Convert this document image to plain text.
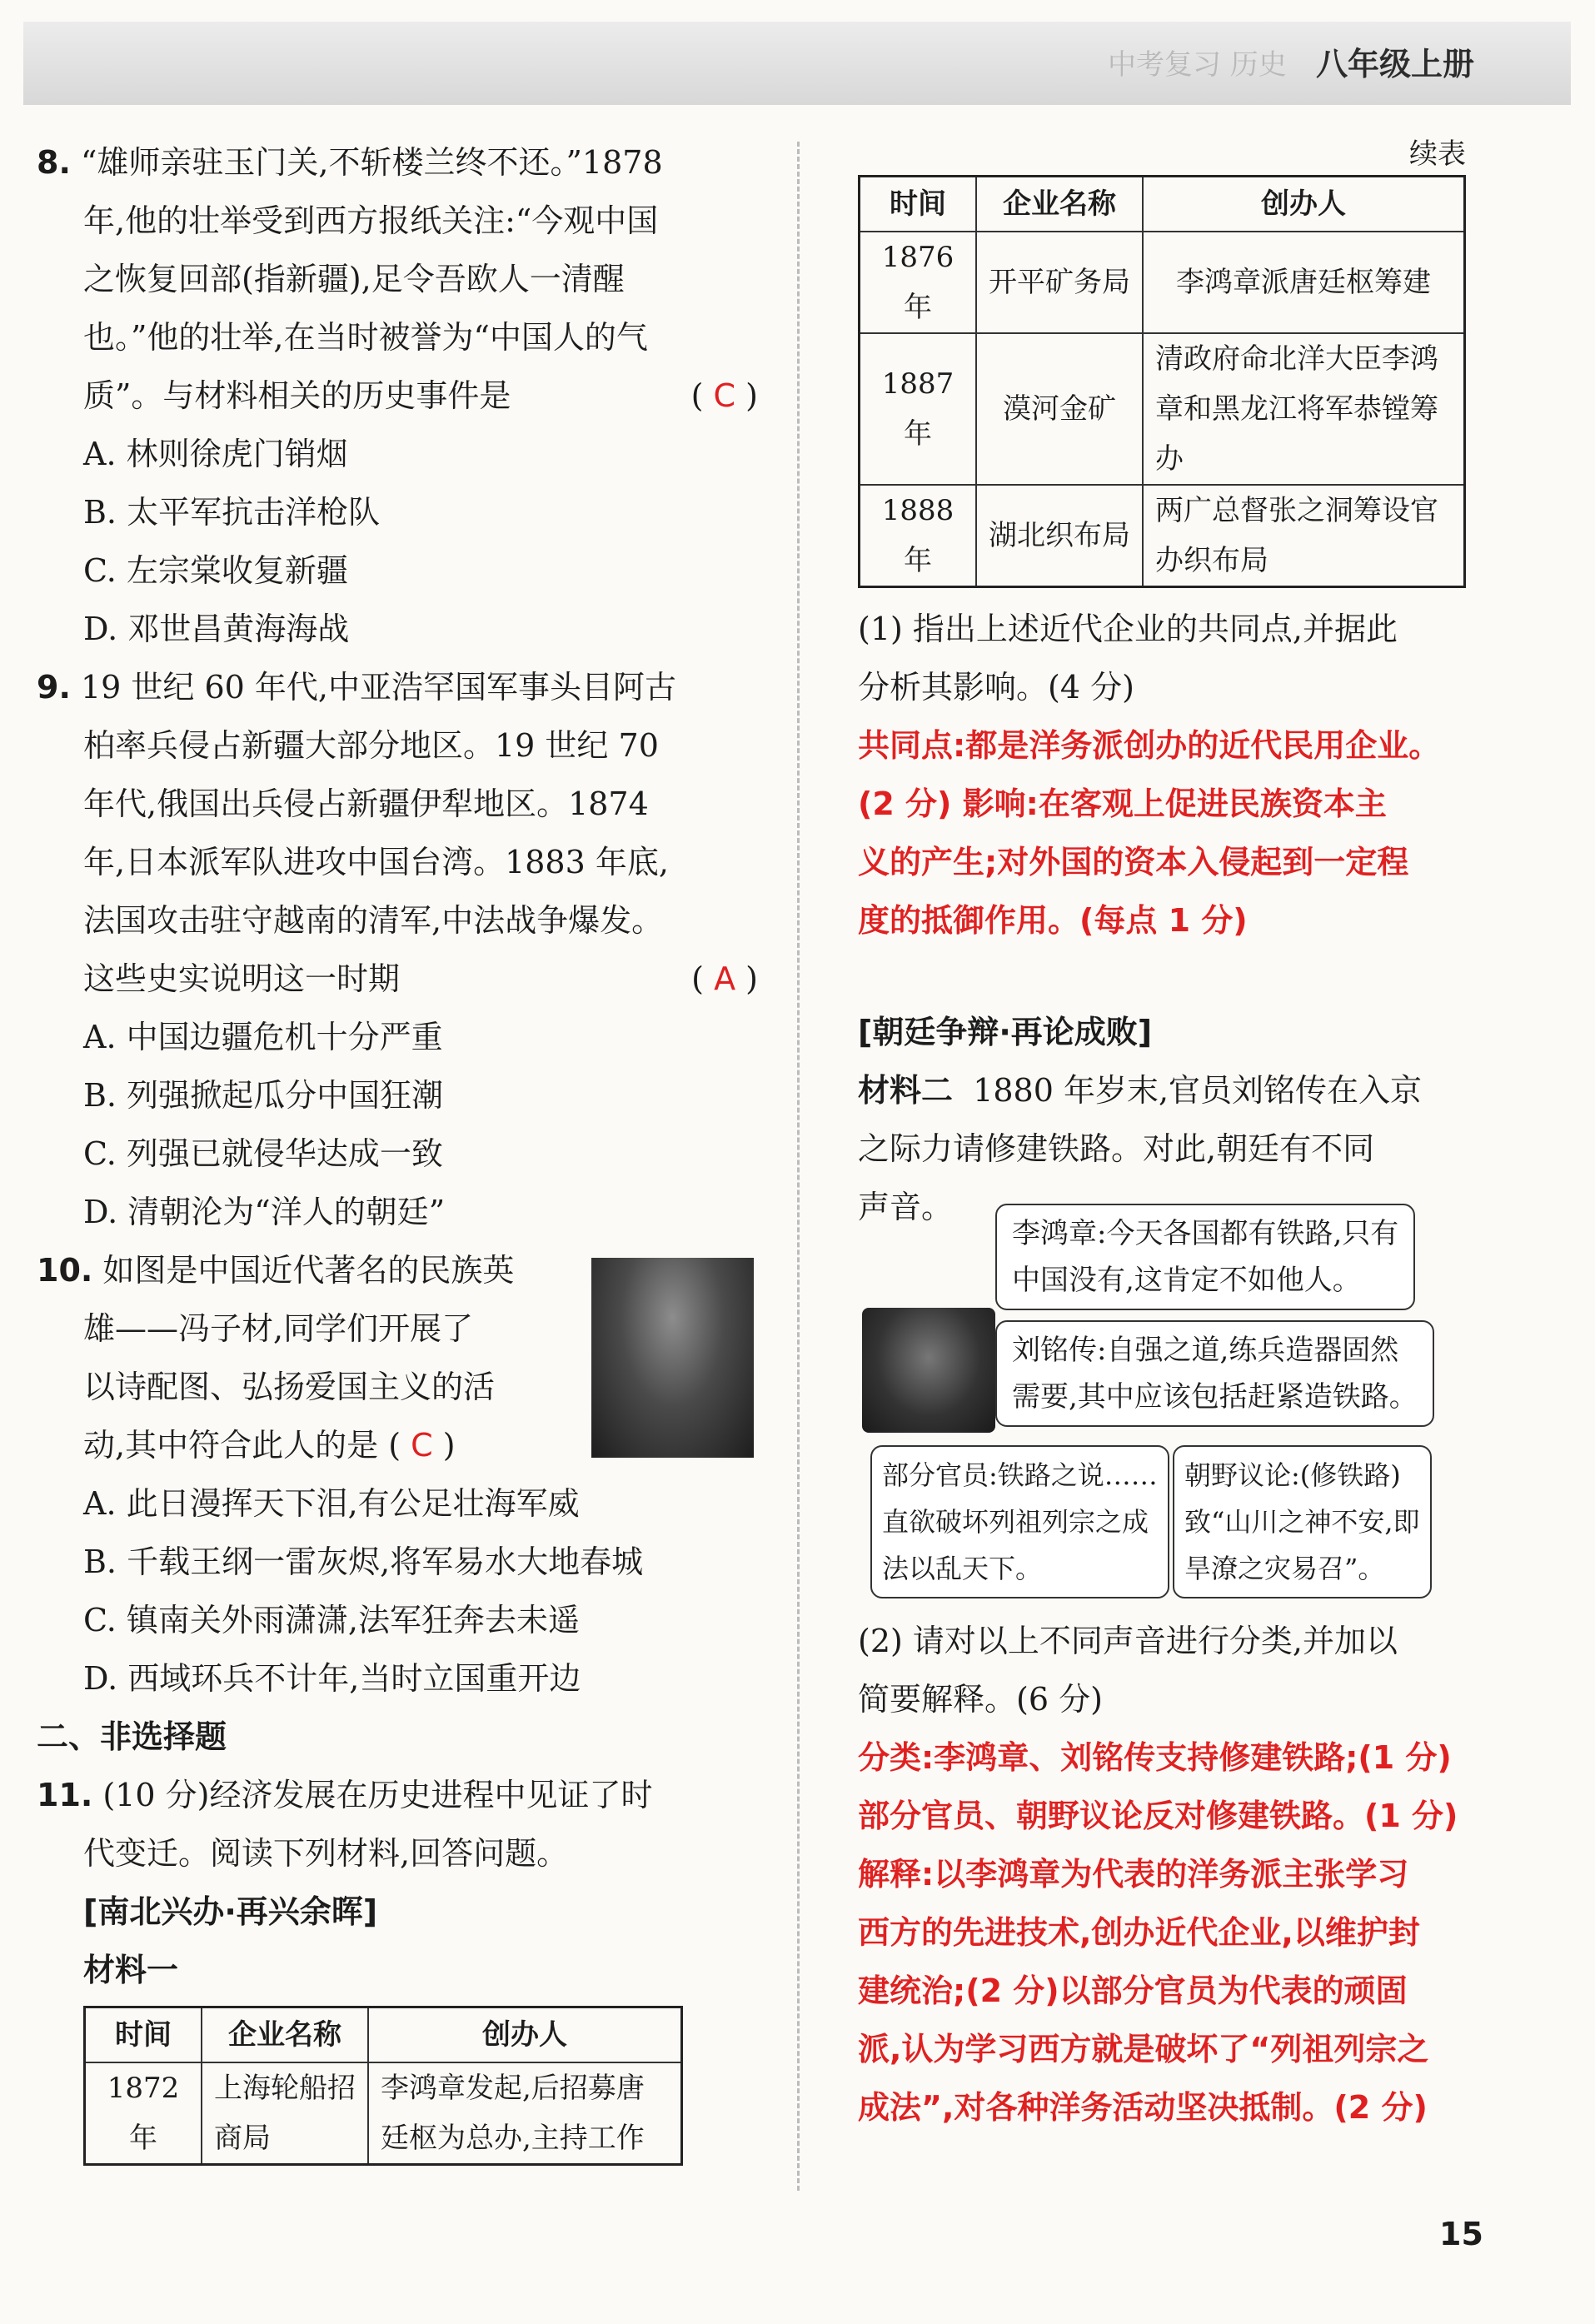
中考复习 历史 八年级上册
8. “雄师亲驻玉门关,不斩楼兰终不还。”1878
年,他的壮举受到西方报纸关注:“今观中国
之恢复回部(指新疆),足令吾欧人一清醒
也。”他的壮举,在当时被誉为“中国人的气
质”。与材料相关的历史事件是	( C )
A. 林则徐虎门销烟
B. 太平军抗击洋枪队
C. 左宗棠收复新疆
D. 邓世昌黄海海战
9. 19 世纪 60 年代,中亚浩罕国军事头目阿古
柏率兵侵占新疆大部分地区。19 世纪 70
年代,俄国出兵侵占新疆伊犁地区。1874
年,日本派军队进攻中国台湾。1883 年底,
法国攻击驻守越南的清军,中法战争爆发。
这些史实说明这一时期	( A )
A. 中国边疆危机十分严重
B. 列强掀起瓜分中国狂潮
C. 列强已就侵华达成一致
D. 清朝沦为“洋人的朝廷”
10. 如图是中国近代著名的民族英
雄——冯子材,同学们开展了
以诗配图、弘扬爱国主义的活
动,其中符合此人的是 ( C )
A. 此日漫挥天下泪,有公足壮海军威
B. 千载王纲一雷灰烬,将军易水大地春城
C. 镇南关外雨潇潇,法军狂奔去未遥
D. 西域环兵不计年,当时立国重开边
二、非选择题
11. (10 分)经济发展在历史进程中见证了时
代变迁。阅读下列材料,回答问题。
[南北兴办·再兴余晖]
材料一
时间	企业名称	创办人
1872 年	上海轮船招商局	李鸿章发起,后招募唐廷枢为总办,主持工作
续表
时间	企业名称	创办人
1876 年	开平矿务局	李鸿章派唐廷枢筹建
1887 年	漠河金矿	清政府命北洋大臣李鸿章和黑龙江将军恭镗筹办
1888 年	湖北织布局	两广总督张之洞筹设官办织布局
(1) 指出上述近代企业的共同点,并据此
分析其影响。(4 分)
共同点:都是洋务派创办的近代民用企业。
(2 分) 影响:在客观上促进民族资本主
义的产生;对外国的资本入侵起到一定程
度的抵御作用。(每点 1 分)
[朝廷争辩·再论成败]
材料二 1880 年岁末,官员刘铭传在入京
之际力请修建铁路。对此,朝廷有不同
声音。
李鸿章:今天各国都有铁路,只有
中国没有,这肯定不如他人。
刘铭传:自强之道,练兵造器固然
需要,其中应该包括赶紧造铁路。
部分官员:铁路之说……
直欲破坏列祖列宗之成
法以乱天下。
朝野议论:(修铁路)
致“山川之神不安,即
旱潦之灾易召”。
(2) 请对以上不同声音进行分类,并加以
简要解释。(6 分)
分类:李鸿章、刘铭传支持修建铁路;(1 分)
部分官员、朝野议论反对修建铁路。(1 分)
解释:以李鸿章为代表的洋务派主张学习
西方的先进技术,创办近代企业,以维护封
建统治;(2 分)以部分官员为代表的顽固
派,认为学习西方就是破坏了“列祖列宗之
成法”,对各种洋务活动坚决抵制。(2 分)
15
